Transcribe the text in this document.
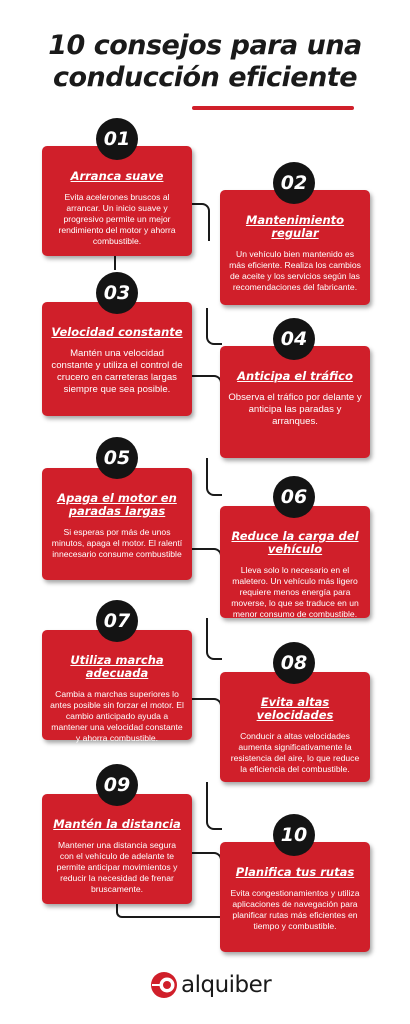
10 consejos para una
conducción eficiente

Arranca suave

Evita acelerones bruscos al arrancar. Un inicio suave y progresivo permite un mejor rendimiento del motor y ahorra combustible.

Mantenimiento regular

Un vehículo bien mantenido es más eficiente. Realiza los cambios de aceite y los servicios según las recomendaciones del fabricante.

Velocidad constante

Mantén una velocidad constante y utiliza el control de crucero en carreteras largas siempre que sea posible.

Anticipa el tráfico

Observa el tráfico por delante y anticipa las paradas y arranques.

Apaga el motor en paradas largas

Si esperas por más de unos minutos, apaga el motor. El ralentí innecesario consume combustible

Reduce la carga del vehículo

Lleva solo lo necesario en el maletero. Un vehículo más ligero requiere menos energía para moverse, lo que se traduce en un menor consumo de combustible.

Utiliza marcha adecuada

Cambia a marchas superiores lo antes posible sin forzar el motor. El cambio anticipado ayuda a mantener una velocidad constante y ahorra combustible.

Evita altas velocidades

Conducir a altas velocidades aumenta significativamente la resistencia del aire, lo que reduce la eficiencia del combustible.

Mantén la distancia

Mantener una distancia segura con el vehículo de adelante te permite anticipar movimientos y reducir la necesidad de frenar bruscamente.

Planifica tus rutas

Evita congestionamientos y utiliza aplicaciones de navegación para planificar rutas más eficientes en tiempo y combustible.

01
02
03
04
05
06
07
08
09
10
alquiber
